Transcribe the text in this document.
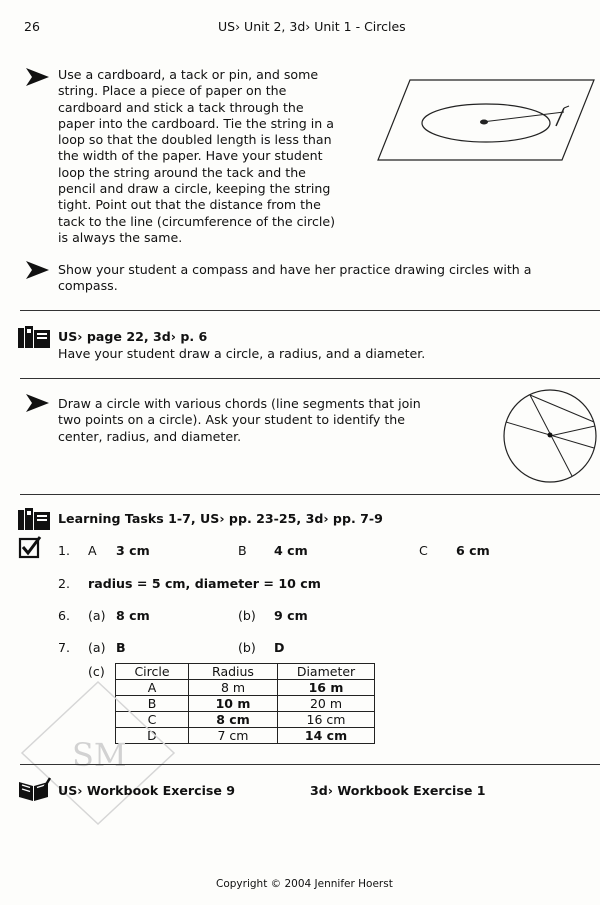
26	US› Unit 2, 3d› Unit 1 - Circles
Use a cardboard, a tack or pin, and some
string. Place a piece of paper on the
cardboard and stick a tack through the
paper into the cardboard. Tie the string in a
loop so that the doubled length is less than
the width of the paper. Have your student
loop the string around the tack and the
pencil and draw a circle, keeping the string
tight. Point out that the distance from the
tack to the line (circumference of the circle)
is always the same.
Show your student a compass and have her practice drawing circles with a
compass.
US› page 22, 3d› p. 6
Have your student draw a circle, a radius, and a diameter.
Draw a circle with various chords (line segments that join
two points on a circle). Ask your student to identify the
center, radius, and diameter.
Learning Tasks 1-7, US› pp. 23-25, 3d› pp. 7-9
1. A 3 cm	B 4 cm	C 6 cm
2. radius = 5 cm, diameter = 10 cm
6. (a) 8 cm	(b) 9 cm
7. (a) B	(b) D
(c) Circle	Radius	Diameter
A	8 m	16 m
B	10 m	20 m
C	8 cm	16 cm
D	7 cm	14 cm
SM
US› Workbook Exercise 9	3d› Workbook Exercise 1
Copyright © 2004 Jennifer Hoerst
